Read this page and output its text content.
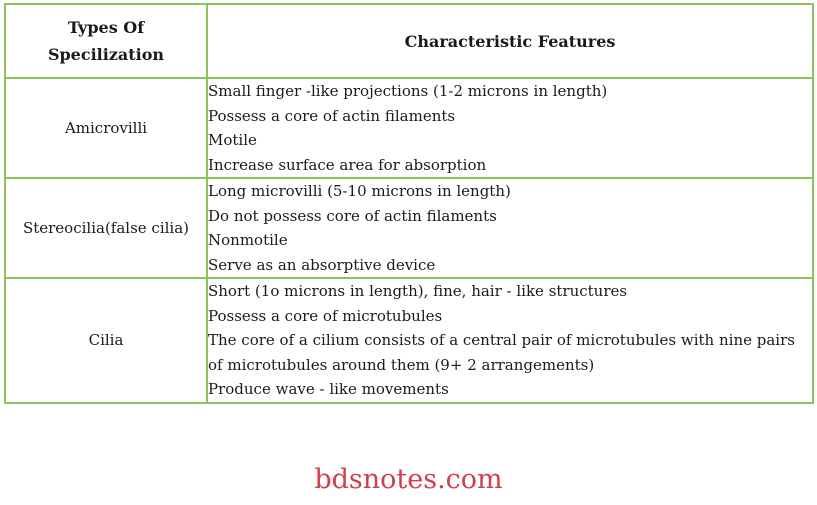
Types Of
Specilization	Characteristic Features
Amicrovilli	Small finger -like projections (1-2 microns in length)
Possess a core of actin filaments
Motile
Increase surface area for absorption

Stereocilia(false cilia)	Long microvilli (5-10 microns in length)
Do not possess core of actin filaments
Nonmotile
Serve as an absorptive device

Cilia	Short (1o microns in length), fine, hair - like structures
Possess a core of microtubules
The core of a cilium consists of a central pair of microtubules with nine pairs of microtubules around them (9+ 2 arrangements)
Produce wave - like movements
bdsnotes.com
